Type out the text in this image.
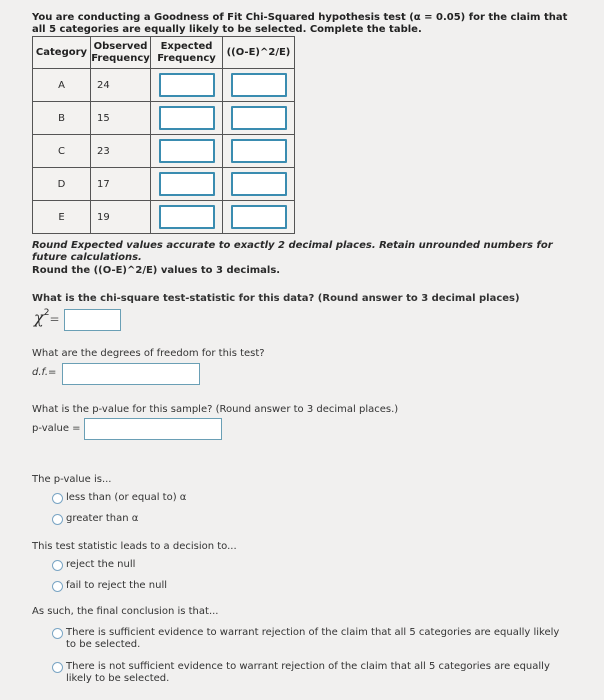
You are conducting a Goodness of Fit Chi-Squared hypothesis test (α = 0.05) for the claim that all 5 categories are equally likely to be selected. Complete the table.
Category	Observed Frequency	Expected Frequency	((O-E)^2/E)
A	24	

B	15	

C	23	

D	17	

E	19	

Round Expected values accurate to exactly 2 decimal places. Retain unrounded numbers for future calculations.
Round the ((O-E)^2/E) values to 3 decimals.
What is the chi-square test-statistic for this data? (Round answer to 3 decimal places)
$\chi^2=$
What are the degrees of freedom for this test?
d.f.=
What is the p-value for this sample? (Round answer to 3 decimal places.)
p-value =
The p-value is...
less than (or equal to) α
greater than α
This test statistic leads to a decision to...
reject the null
fail to reject the null
As such, the final conclusion is that...
There is sufficient evidence to warrant rejection of the claim that all 5 categories are equally likely to be selected.
There is not sufficient evidence to warrant rejection of the claim that all 5 categories are equally likely to be selected.
